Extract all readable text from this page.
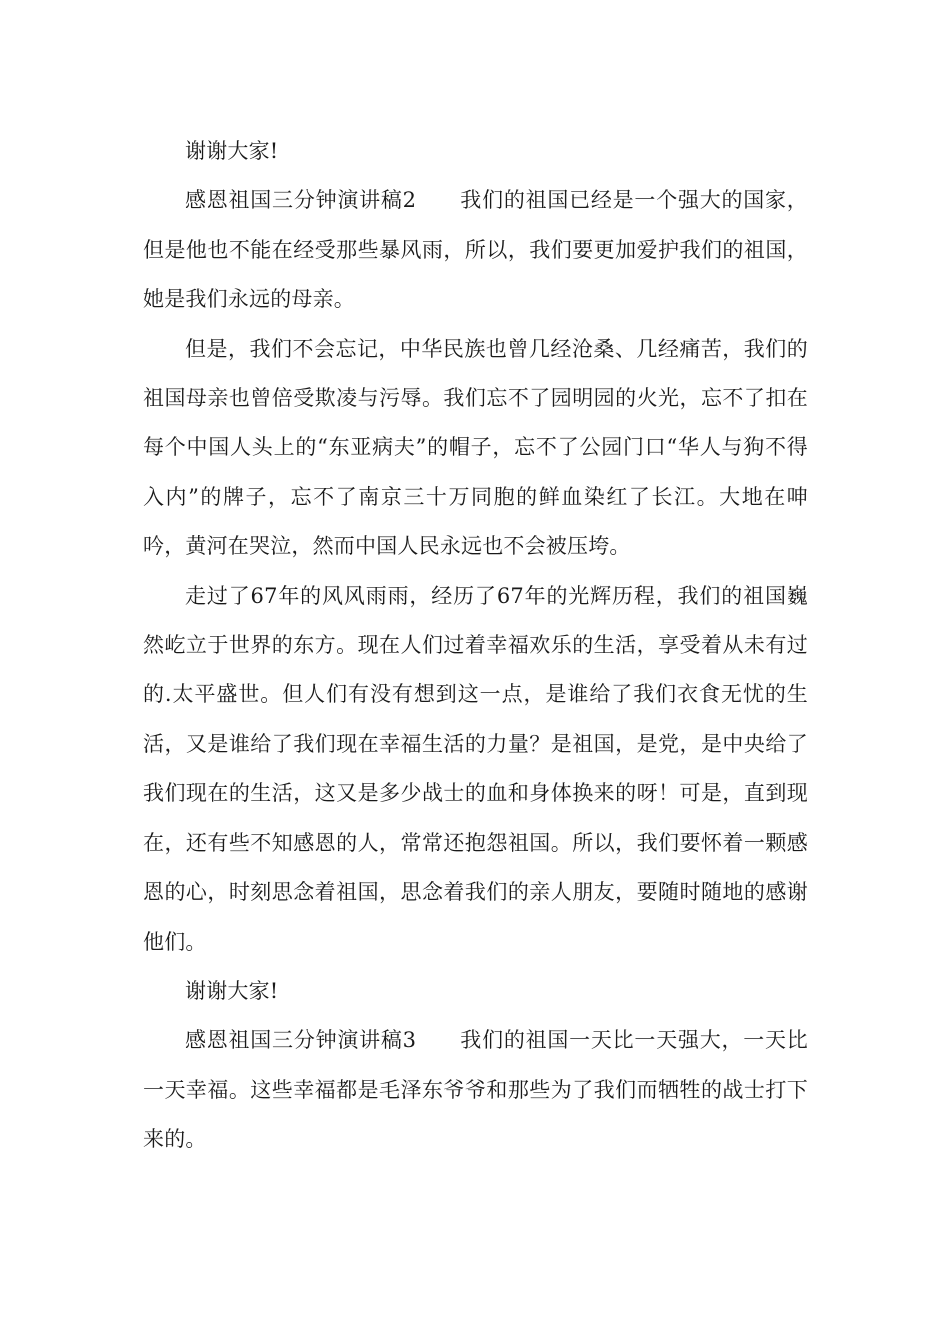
谢谢大家!

感恩祖国三分钟演讲稿2　　我们的祖国已经是一个强大的国家，但是他也不能在经受那些暴风雨，所以，我们要更加爱护我们的祖国，她是我们永远的母亲。

但是，我们不会忘记，中华民族也曾几经沧桑、几经痛苦，我们的祖国母亲也曾倍受欺凌与污辱。我们忘不了园明园的火光，忘不了扣在每个中国人头上的“东亚病夫”的帽子，忘不了公园门口“华人与狗不得入内”的牌子，忘不了南京三十万同胞的鲜血染红了长江。大地在呻吟，黄河在哭泣，然而中国人民永远也不会被压垮。

走过了67年的风风雨雨，经历了67年的光辉历程，我们的祖国巍然屹立于世界的东方。现在人们过着幸福欢乐的生活，享受着从未有过的.太平盛世。但人们有没有想到这一点，是谁给了我们衣食无忧的生活，又是谁给了我们现在幸福生活的力量？是祖国，是党，是中央给了我们现在的生活，这又是多少战士的血和身体换来的呀！可是，直到现在，还有些不知感恩的人，常常还抱怨祖国。所以，我们要怀着一颗感恩的心，时刻思念着祖国，思念着我们的亲人朋友，要随时随地的感谢他们。

谢谢大家!

感恩祖国三分钟演讲稿3　　我们的祖国一天比一天强大，一天比一天幸福。这些幸福都是毛泽东爷爷和那些为了我们而牺牲的战士打下来的。
